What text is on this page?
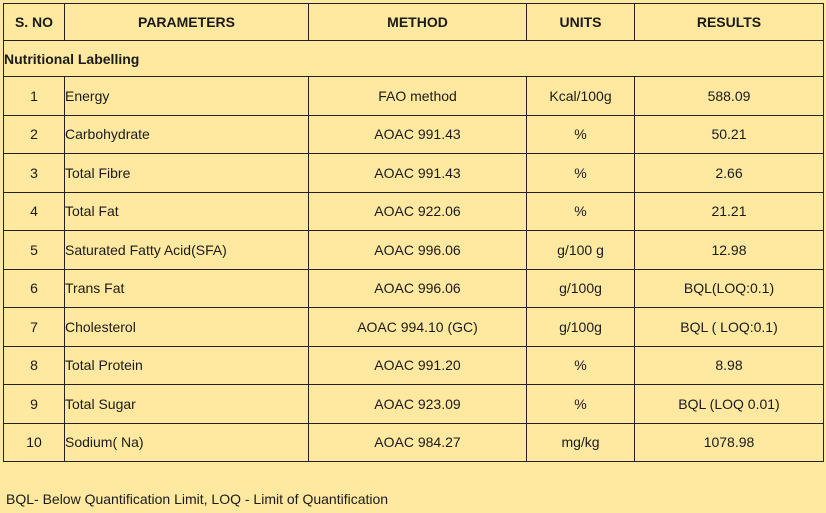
S. NO	PARAMETERS	METHOD	UNITS	RESULTS
Nutritional Labelling				
1	Energy	FAO method	Kcal/100g	588.09
2	Carbohydrate	AOAC 991.43	%	50.21
3	Total Fibre	AOAC 991.43	%	2.66
4	Total Fat	AOAC 922.06	%	21.21
5	Saturated Fatty Acid(SFA)	AOAC 996.06	g/100 g	12.98
6	Trans Fat	AOAC 996.06	g/100g	BQL(LOQ:0.1)
7	Cholesterol	AOAC 994.10 (GC)	g/100g	BQL ( LOQ:0.1)
8	Total Protein	AOAC 991.20	%	8.98
9	Total Sugar	AOAC 923.09	%	BQL (LOQ 0.01)
10	Sodium( Na)	AOAC 984.27	mg/kg	1078.98
BQL- Below Quantification Limit, LOQ - Limit of Quantification
